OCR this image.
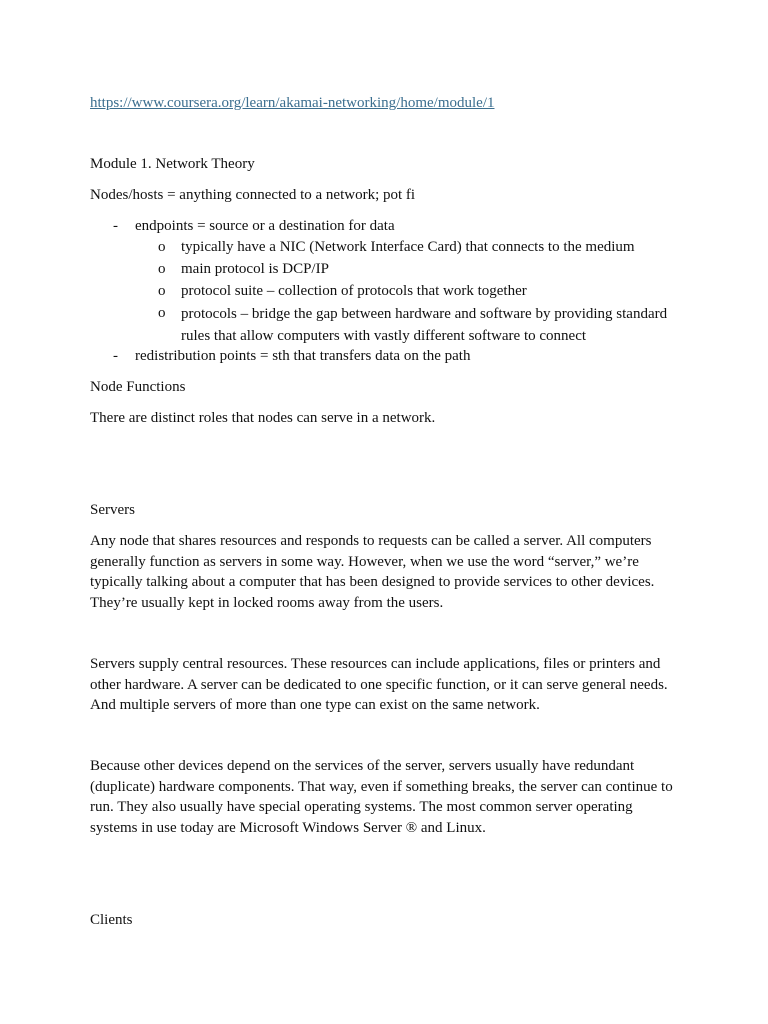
https://www.coursera.org/learn/akamai-networking/home/module/1

Module 1. Network Theory

Nodes/hosts = anything connected to a network; pot fi

- endpoints = source or a destination for data
o typically have a NIC (Network Interface Card) that connects to the medium
o main protocol is DCP/IP
o protocol suite – collection of protocols that work together
o protocols – bridge the gap between hardware and software by providing standard rules that allow computers with vastly different software to connect
- redistribution points = sth that transfers data on the path

Node Functions

There are distinct roles that nodes can serve in a network.

Servers

Any node that shares resources and responds to requests can be called a server. All computers generally function as servers in some way. However, when we use the word “server,” we’re typically talking about a computer that has been designed to provide services to other devices. They’re usually kept in locked rooms away from the users.

Servers supply central resources. These resources can include applications, files or printers and other hardware. A server can be dedicated to one specific function, or it can serve general needs. And multiple servers of more than one type can exist on the same network.

Because other devices depend on the services of the server, servers usually have redundant (duplicate) hardware components. That way, even if something breaks, the server can continue to run. They also usually have special operating systems. The most common server operating systems in use today are Microsoft Windows Server ® and Linux.

Clients
